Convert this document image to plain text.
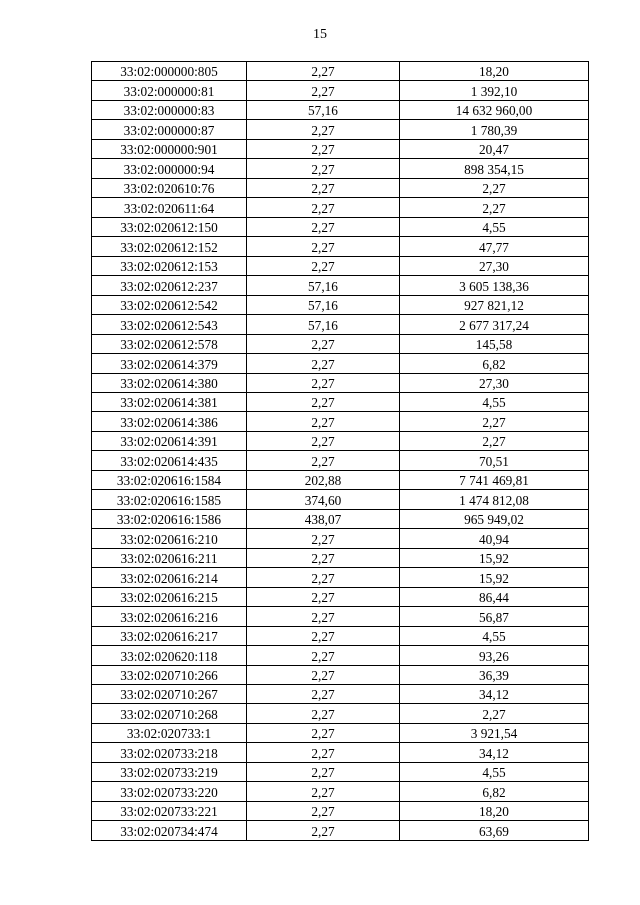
15
33:02:000000:805	2,27	18,20
33:02:000000:81	2,27	1 392,10
33:02:000000:83	57,16	14 632 960,00
33:02:000000:87	2,27	1 780,39
33:02:000000:901	2,27	20,47
33:02:000000:94	2,27	898 354,15
33:02:020610:76	2,27	2,27
33:02:020611:64	2,27	2,27
33:02:020612:150	2,27	4,55
33:02:020612:152	2,27	47,77
33:02:020612:153	2,27	27,30
33:02:020612:237	57,16	3 605 138,36
33:02:020612:542	57,16	927 821,12
33:02:020612:543	57,16	2 677 317,24
33:02:020612:578	2,27	145,58
33:02:020614:379	2,27	6,82
33:02:020614:380	2,27	27,30
33:02:020614:381	2,27	4,55
33:02:020614:386	2,27	2,27
33:02:020614:391	2,27	2,27
33:02:020614:435	2,27	70,51
33:02:020616:1584	202,88	7 741 469,81
33:02:020616:1585	374,60	1 474 812,08
33:02:020616:1586	438,07	965 949,02
33:02:020616:210	2,27	40,94
33:02:020616:211	2,27	15,92
33:02:020616:214	2,27	15,92
33:02:020616:215	2,27	86,44
33:02:020616:216	2,27	56,87
33:02:020616:217	2,27	4,55
33:02:020620:118	2,27	93,26
33:02:020710:266	2,27	36,39
33:02:020710:267	2,27	34,12
33:02:020710:268	2,27	2,27
33:02:020733:1	2,27	3 921,54
33:02:020733:218	2,27	34,12
33:02:020733:219	2,27	4,55
33:02:020733:220	2,27	6,82
33:02:020733:221	2,27	18,20
33:02:020734:474	2,27	63,69
